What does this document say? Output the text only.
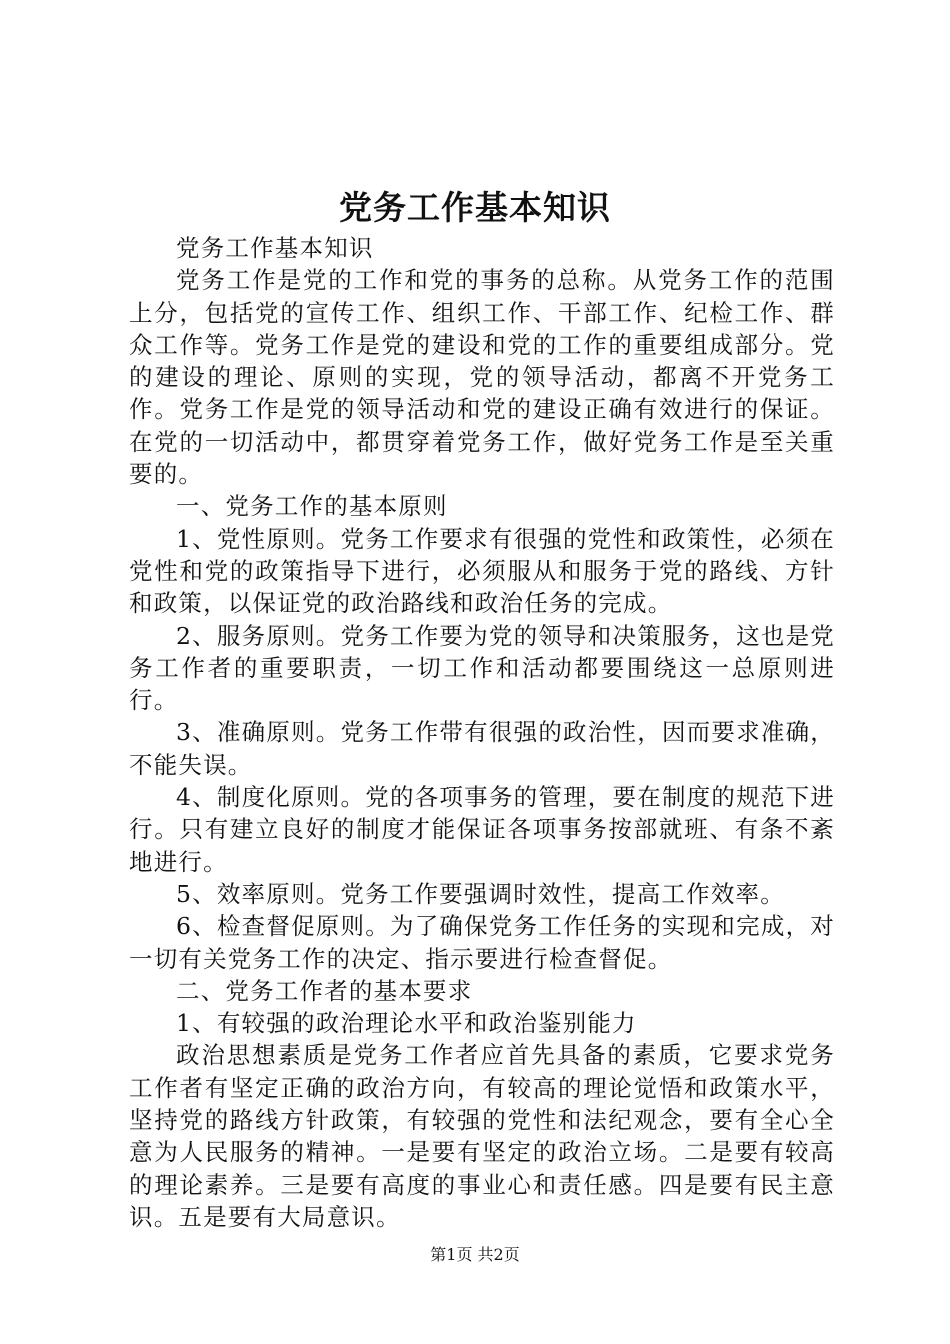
党务工作基本知识

党务工作基本知识

党务工作是党的工作和党的事务的总称。从党务工作的范围上分，包括党的宣传工作、组织工作、干部工作、纪检工作、群众工作等。党务工作是党的建设和党的工作的重要组成部分。党的建设的理论、原则的实现，党的领导活动，都离不开党务工作。党务工作是党的领导活动和党的建设正确有效进行的保证。在党的一切活动中，都贯穿着党务工作，做好党务工作是至关重要的。

一、党务工作的基本原则

1、党性原则。党务工作要求有很强的党性和政策性，必须在党性和党的政策指导下进行，必须服从和服务于党的路线、方针和政策，以保证党的政治路线和政治任务的完成。

2、服务原则。党务工作要为党的领导和决策服务，这也是党务工作者的重要职责，一切工作和活动都要围绕这一总原则进行。

3、准确原则。党务工作带有很强的政治性，因而要求准确，不能失误。

4、制度化原则。党的各项事务的管理，要在制度的规范下进行。只有建立良好的制度才能保证各项事务按部就班、有条不紊地进行。

5、效率原则。党务工作要强调时效性，提高工作效率。

6、检查督促原则。为了确保党务工作任务的实现和完成，对一切有关党务工作的决定、指示要进行检查督促。

二、党务工作者的基本要求

1、有较强的政治理论水平和政治鉴别能力

政治思想素质是党务工作者应首先具备的素质，它要求党务工作者有坚定正确的政治方向，有较高的理论觉悟和政策水平，坚持党的路线方针政策，有较强的党性和法纪观念，要有全心全意为人民服务的精神。一是要有坚定的政治立场。二是要有较高的理论素养。三是要有高度的事业心和责任感。四是要有民主意识。五是要有大局意识。

第1页 共2页
